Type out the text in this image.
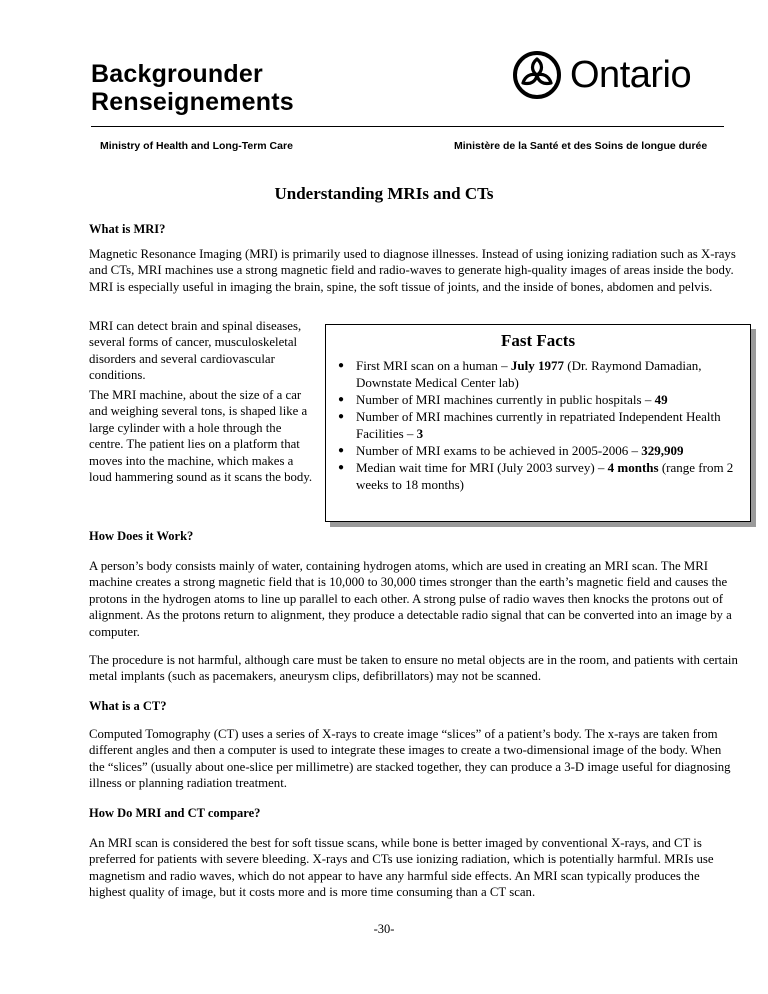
Backgrounder
Renseignements
Ontario
Ministry of Health and Long-Term Care	Ministère de la Santé et des Soins de longue durée
Understanding MRIs and CTs
What is MRI?

Magnetic Resonance Imaging (MRI) is primarily used to diagnose illnesses. Instead of using ionizing radiation such as X-rays and CTs, MRI machines use a strong magnetic field and radio-waves to generate high-quality images of areas inside the body. MRI is especially useful in imaging the brain, spine, the soft tissue of joints, and the inside of bones, abdomen and pelvis.

MRI can detect brain and spinal diseases, several forms of cancer, musculoskeletal disorders and several cardiovascular conditions.

The MRI machine, about the size of a car and weighing several tons, is shaped like a large cylinder with a hole through the centre. The patient lies on a platform that moves into the machine, which makes a loud hammering sound as it scans the body.

Fast Facts
● First MRI scan on a human – July 1977 (Dr. Raymond Damadian, Downstate Medical Center lab)
● Number of MRI machines currently in public hospitals – 49
● Number of MRI machines currently in repatriated Independent Health Facilities – 3
● Number of MRI exams to be achieved in 2005-2006 – 329,909
● Median wait time for MRI (July 2003 survey) – 4 months (range from 2 weeks to 18 months)
How Does it Work?

A person’s body consists mainly of water, containing hydrogen atoms, which are used in creating an MRI scan. The MRI machine creates a strong magnetic field that is 10,000 to 30,000 times stronger than the earth’s magnetic field and causes the protons in the hydrogen atoms to line up parallel to each other. A strong pulse of radio waves then knocks the protons out of alignment. As the protons return to alignment, they produce a detectable radio signal that can be converted into an image by a computer.

The procedure is not harmful, although care must be taken to ensure no metal objects are in the room, and patients with certain metal implants (such as pacemakers, aneurysm clips, defibrillators) may not be scanned.

What is a CT?

Computed Tomography (CT) uses a series of X-rays to create image “slices” of a patient’s body. The x-rays are taken from different angles and then a computer is used to integrate these images to create a two-dimensional image of the body. When the “slices” (usually about one-slice per millimetre) are stacked together, they can produce a 3-D image useful for diagnosing illness or planning radiation treatment.

How Do MRI and CT compare?

An MRI scan is considered the best for soft tissue scans, while bone is better imaged by conventional X-rays, and CT is preferred for patients with severe bleeding. X-rays and CTs use ionizing radiation, which is potentially harmful. MRIs use magnetism and radio waves, which do not appear to have any harmful side effects. An MRI scan typically produces the highest quality of image, but it costs more and is more time consuming than a CT scan.

-30-
